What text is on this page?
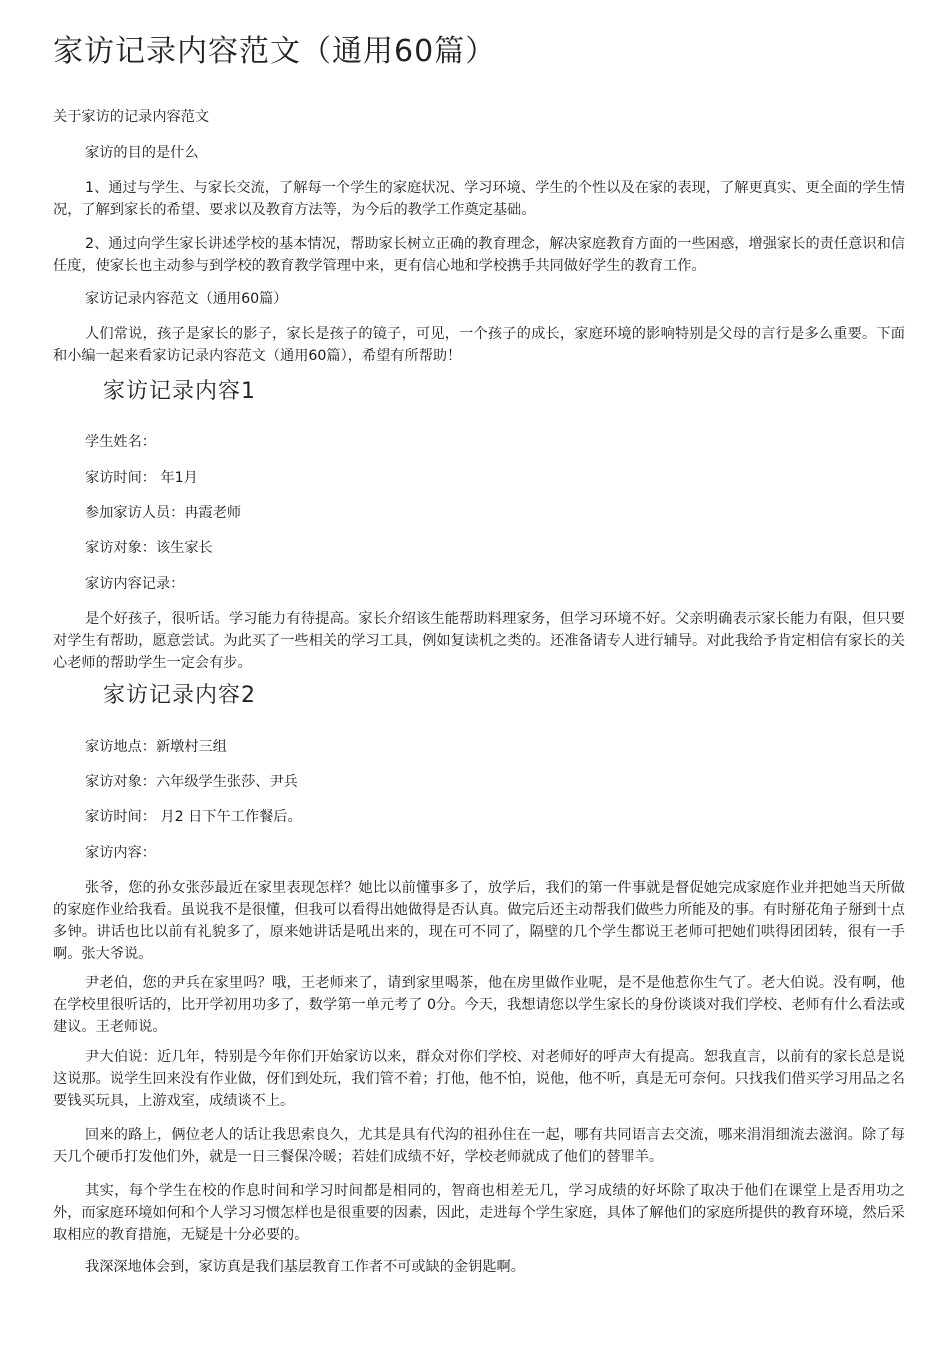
家访记录内容范文（通用60篇）

关于家访的记录内容范文

家访的目的是什么

1、通过与学生、与家长交流，了解每一个学生的家庭状况、学习环境、学生的个性以及在家的表现，了解更真实、更全面的学生情况，了解到家长的希望、要求以及教育方法等，为今后的教学工作奠定基础。

2、通过向学生家长讲述学校的基本情况，帮助家长树立正确的教育理念，解决家庭教育方面的一些困惑，增强家长的责任意识和信任度，使家长也主动参与到学校的教育教学管理中来，更有信心地和学校携手共同做好学生的教育工作。

家访记录内容范文（通用60篇）

人们常说，孩子是家长的影子，家长是孩子的镜子，可见，一个孩子的成长，家庭环境的影响特别是父母的言行是多么重要。下面和小编一起来看家访记录内容范文（通用60篇），希望有所帮助！

家访记录内容1

学生姓名：

家访时间： 年1月

参加家访人员：冉霞老师

家访对象：该生家长

家访内容记录：

是个好孩子，很听话。学习能力有待提高。家长介绍该生能帮助料理家务，但学习环境不好。父亲明确表示家长能力有限，但只要对学生有帮助，愿意尝试。为此买了一些相关的学习工具，例如复读机之类的。还准备请专人进行辅导。对此我给予肯定相信有家长的关心老师的帮助学生一定会有步。

家访记录内容2

家访地点：新墩村三组

家访对象：六年级学生张莎、尹兵

家访时间： 月2 日下午工作餐后。

家访内容：

张爷，您的孙女张莎最近在家里表现怎样？她比以前懂事多了，放学后，我们的第一件事就是督促她完成家庭作业并把她当天所做的家庭作业给我看。虽说我不是很懂，但我可以看得出她做得是否认真。做完后还主动帮我们做些力所能及的事。有时掰花角子掰到十点多钟。讲话也比以前有礼貌多了，原来她讲话是吼出来的，现在可不同了，隔壁的几个学生都说王老师可把她们哄得团团转，很有一手啊。张大爷说。

尹老伯，您的尹兵在家里吗？哦，王老师来了，请到家里喝茶，他在房里做作业呢，是不是他惹你生气了。老大伯说。没有啊，他在学校里很听话的，比开学初用功多了，数学第一单元考了 0分。今天，我想请您以学生家长的身份谈谈对我们学校、老师有什么看法或建议。王老师说。

尹大伯说：近几年，特别是今年你们开始家访以来，群众对你们学校、对老师好的呼声大有提高。恕我直言，以前有的家长总是说这说那。说学生回来没有作业做，伢们到处玩，我们管不着；打他，他不怕，说他，他不听，真是无可奈何。只找我们借买学习用品之名要钱买玩具，上游戏室，成绩谈不上。

回来的路上，俩位老人的话让我思索良久，尤其是具有代沟的祖孙住在一起，哪有共同语言去交流，哪来涓涓细流去滋润。除了每天几个硬币打发他们外，就是一日三餐保冷暖；若娃们成绩不好，学校老师就成了他们的替罪羊。

其实，每个学生在校的作息时间和学习时间都是相同的，智商也相差无几，学习成绩的好坏除了取决于他们在课堂上是否用功之外，而家庭环境如何和个人学习习惯怎样也是很重要的因素，因此，走进每个学生家庭，具体了解他们的家庭所提供的教育环境，然后采取相应的教育措施，无疑是十分必要的。

我深深地体会到，家访真是我们基层教育工作者不可或缺的金钥匙啊。
